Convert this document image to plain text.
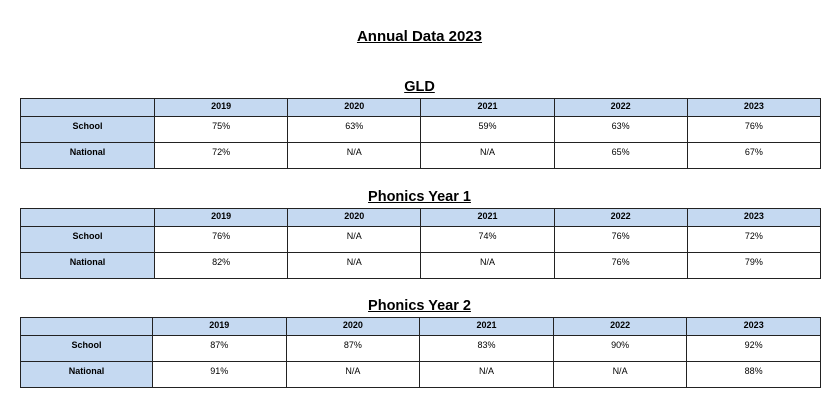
Annual Data 2023
GLD
	2019	2020	2021	2022	2023
School	75%	63%	59%	63%	76%
National	72%	N/A	N/A	65%	67%
Phonics Year 1
	2019	2020	2021	2022	2023
School	76%	N/A	74%	76%	72%
National	82%	N/A	N/A	76%	79%
Phonics Year 2
	2019	2020	2021	2022	2023
School	87%	87%	83%	90%	92%
National	91%	N/A	N/A	N/A	88%
